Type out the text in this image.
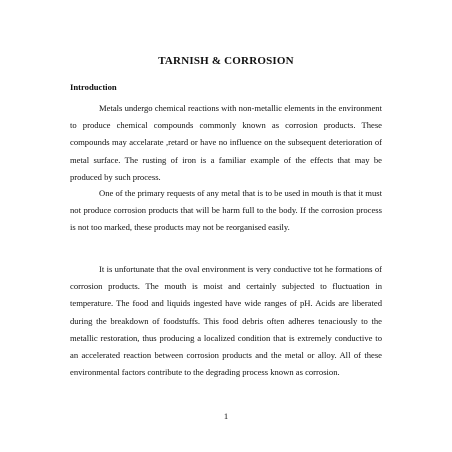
TARNISH & CORROSION
Introduction

Metals undergo chemical reactions with non-metallic elements in the environment to produce chemical compounds commonly known as corrosion products. These compounds may accelarate ,retard or have no influence on the subsequent deterioration of metal surface. The rusting of iron is a familiar example of the effects that may be produced by such process.

One of the primary requests of any metal that is to be used in mouth is that it must not produce corrosion products that will be harm full to the body. If the corrosion process is not too marked, these products may not be reorganised easily.

It is unfortunate that the oval environment is very conductive tot he formations of corrosion products. The mouth is moist and certainly subjected to fluctuation in temperature. The food and liquids ingested have wide ranges of pH. Acids are liberated during the breakdown of foodstuffs. This food debris often adheres tenaciously to the metallic restoration, thus producing a localized condition that is extremely conductive to an accelerated reaction between corrosion products and the metal or alloy. All of these environmental factors contribute to the degrading process known as corrosion.

1
